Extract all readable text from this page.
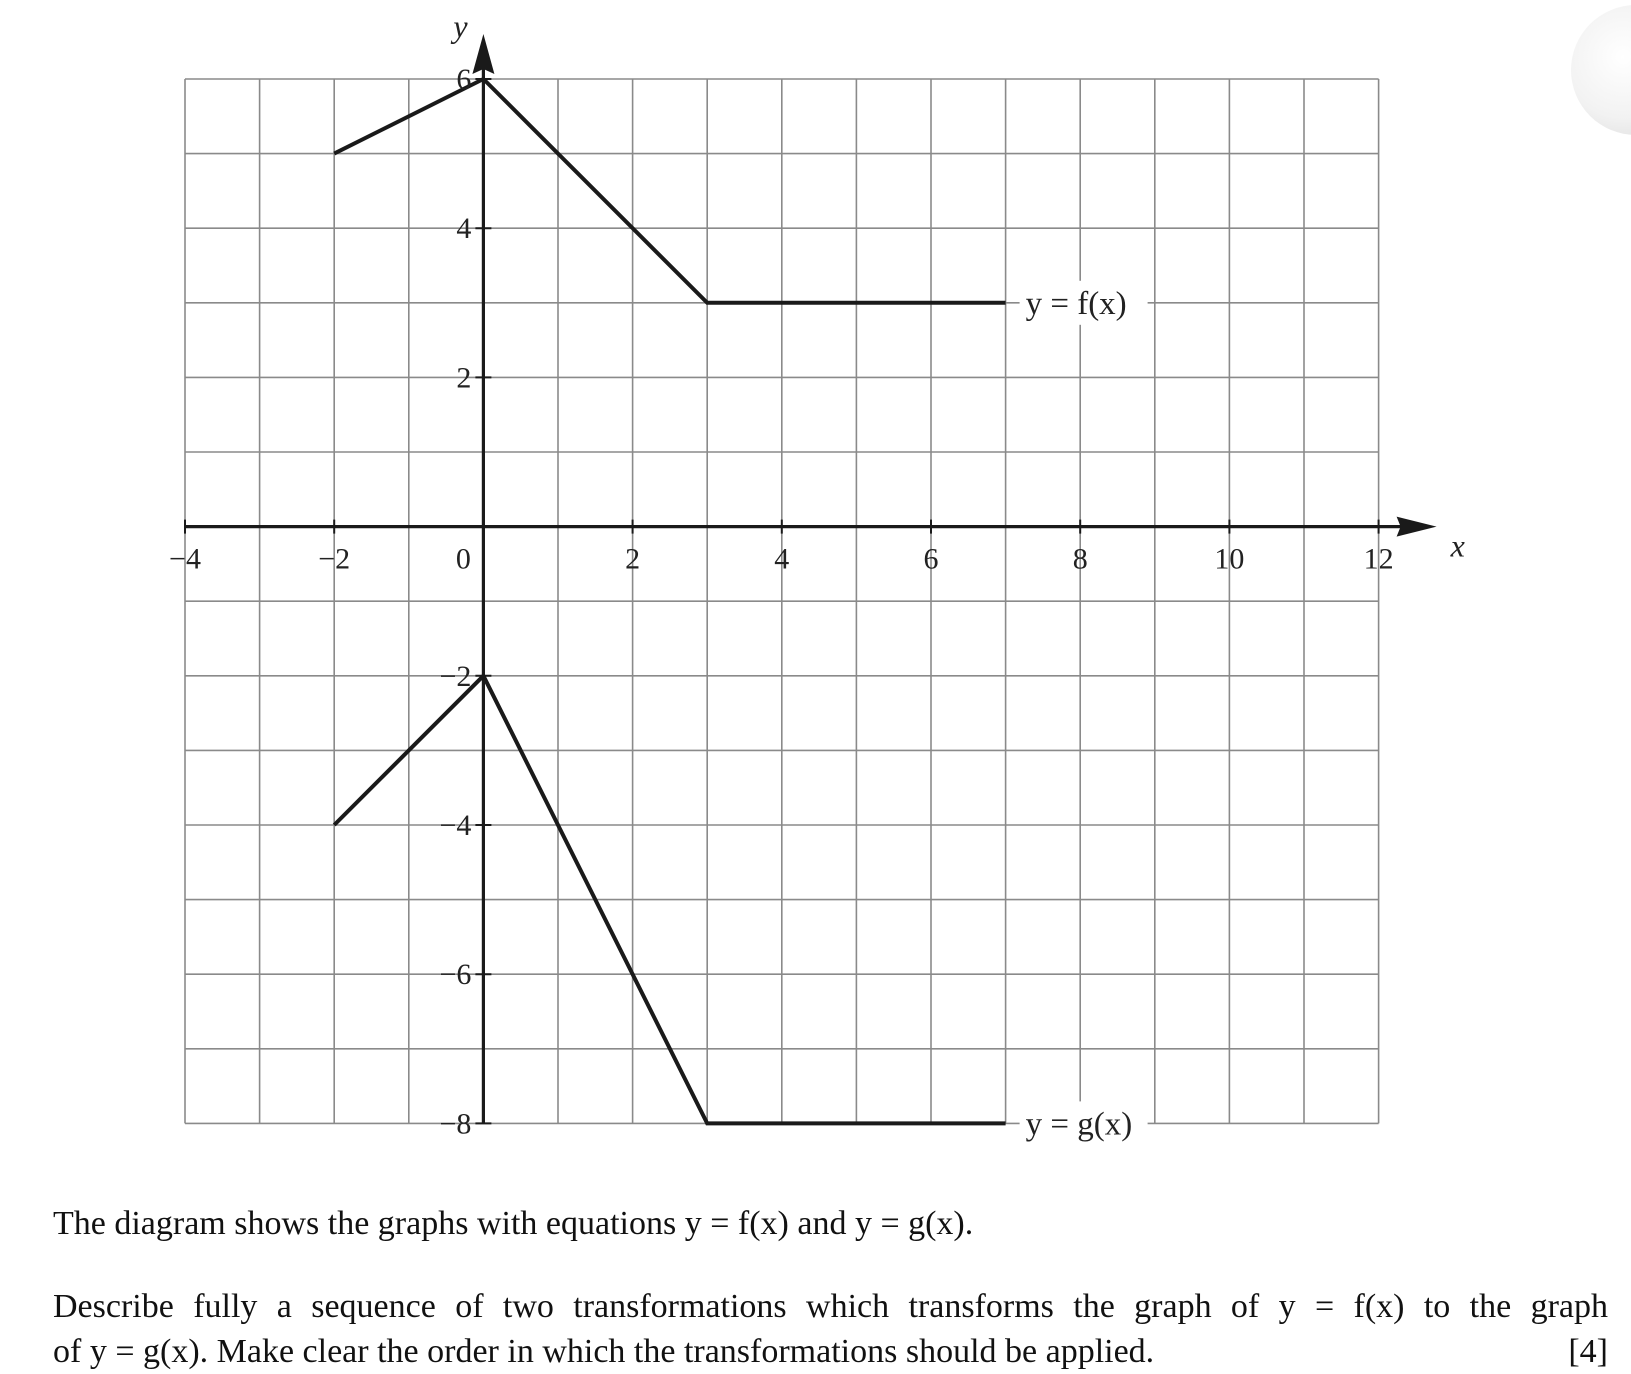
−4	−2	0	2	4	6	8	10	12
6
4
2
−2
−4
−6
−8
x
y
y = f(x)
y = g(x)
The diagram shows the graphs with equations y = f(x) and y = g(x).
Describe fully a sequence of two transformations which transforms the graph of y = f(x) to the graph
of y = g(x). Make clear the order in which the transformations should be applied.	[4]
